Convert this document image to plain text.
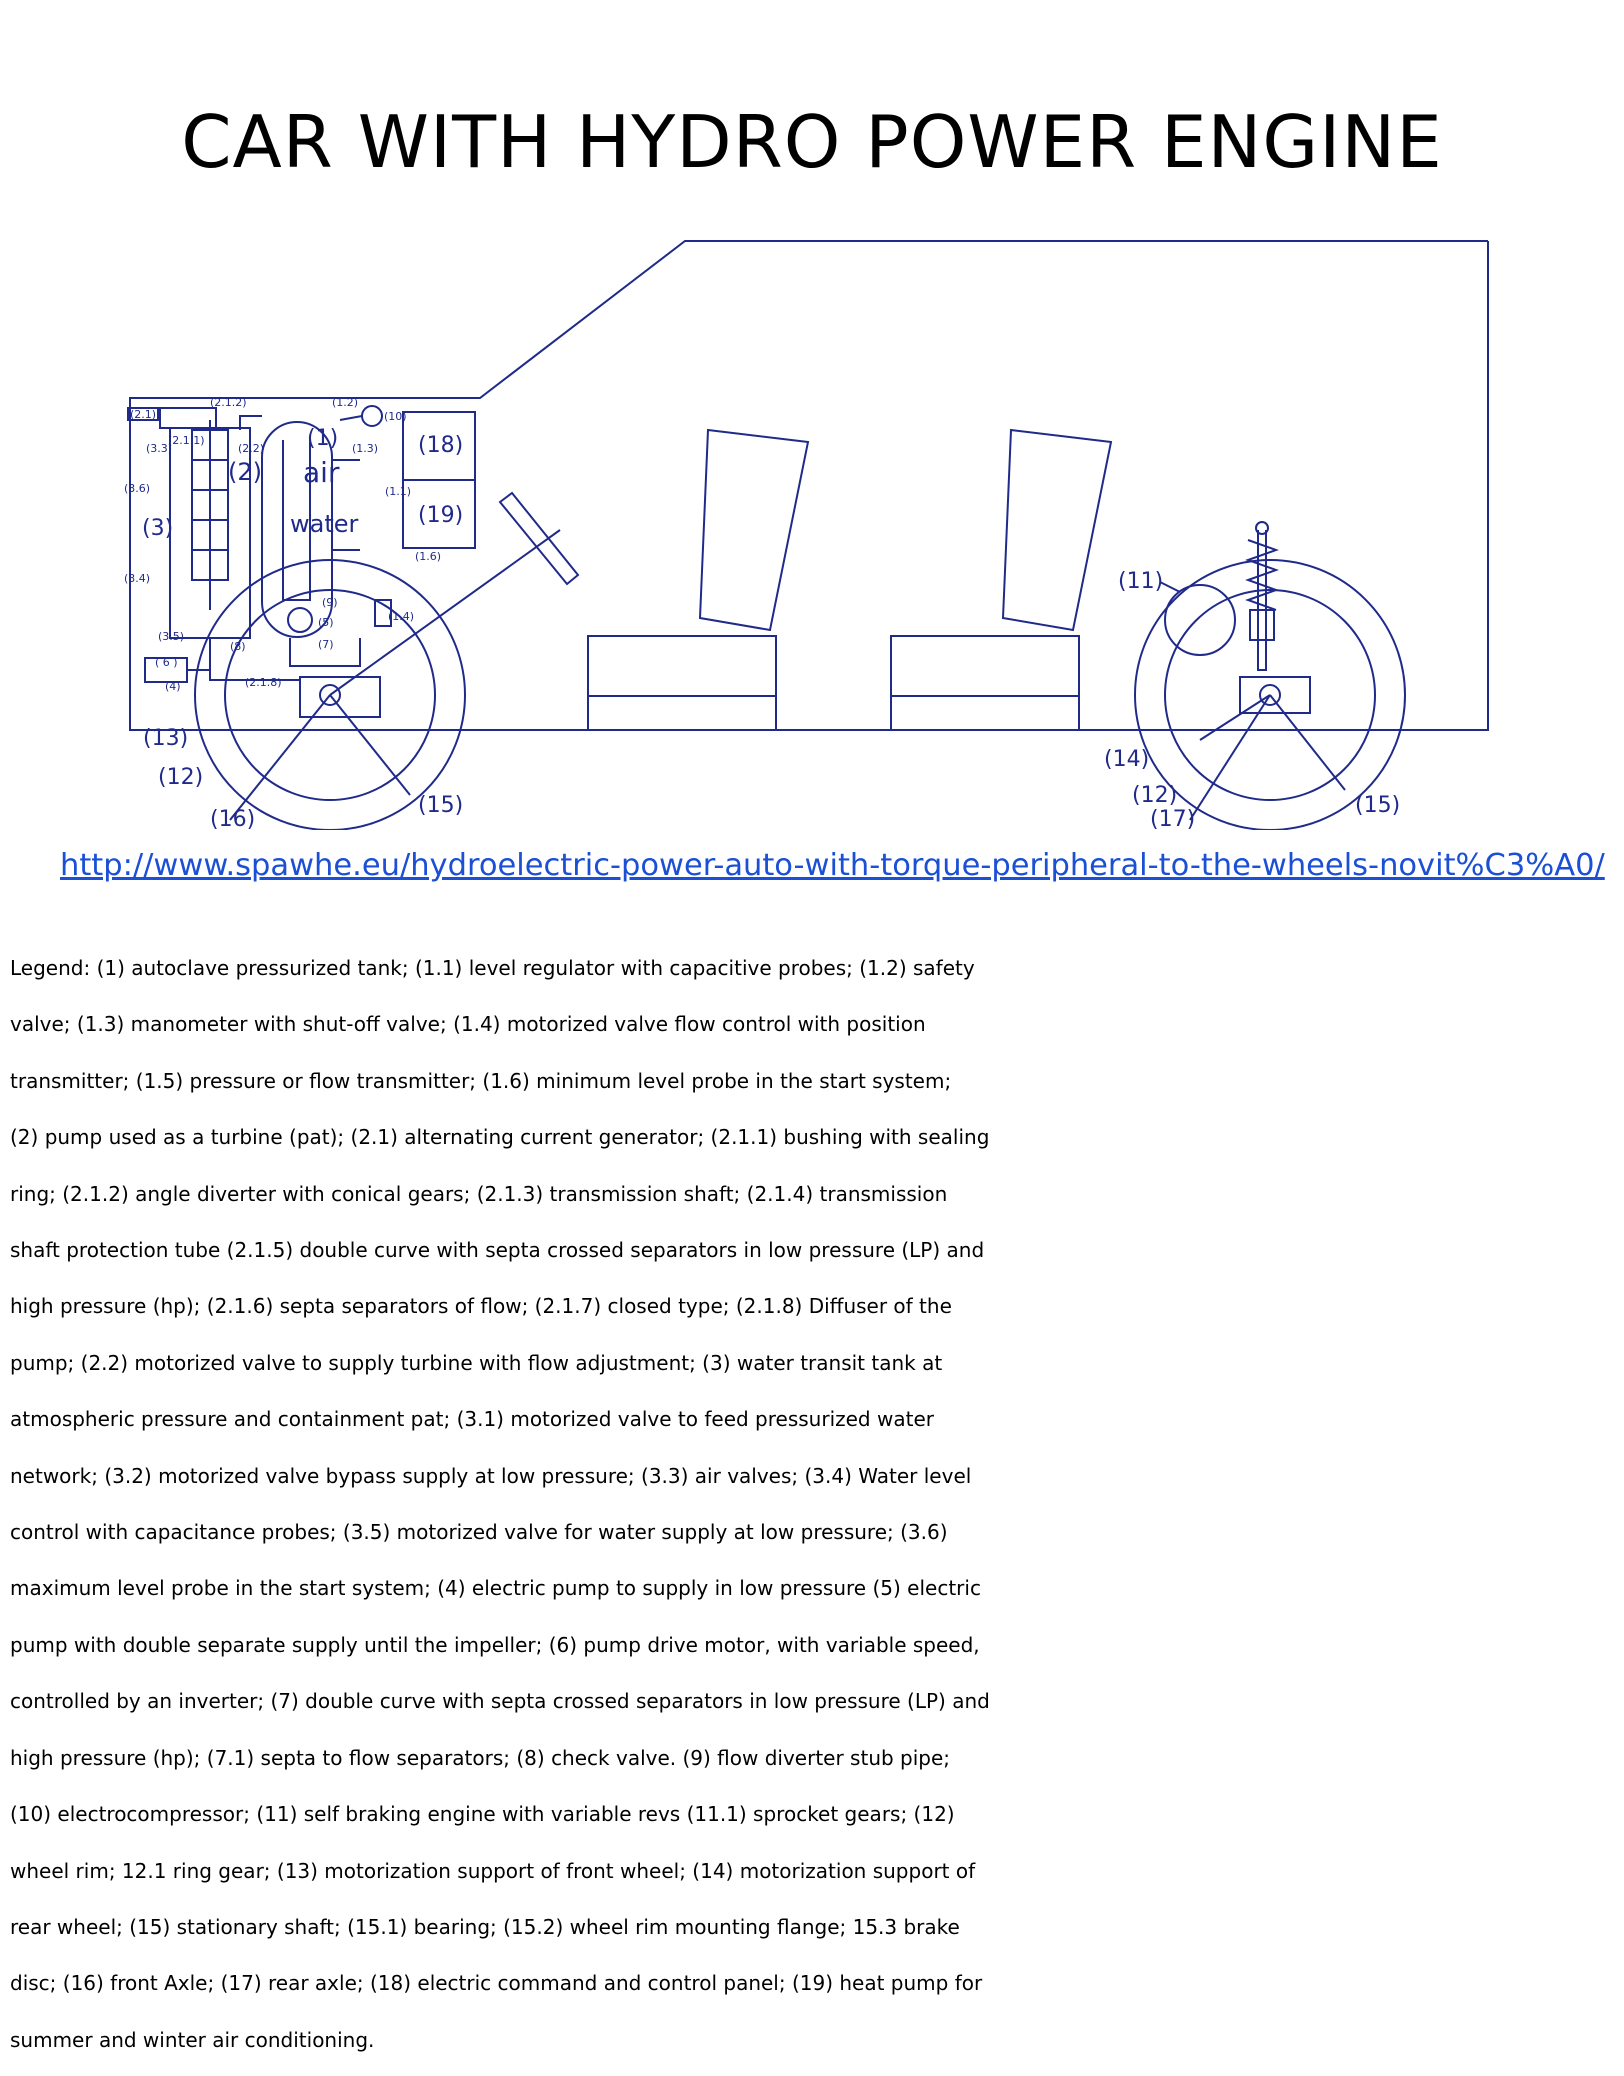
CAR WITH HYDRO POWER ENGINE
(1)
air
water
(2)
(3)
(18)
(19)
(11)
(13)
(12)
(16)
(15)
(14)
(12)
(17)
(15)
(4)
( 6 )
(3.5)
(2.1)
(3.3)
(2.1.2)
(2.1.1)
(2.2)
(1.2)
(10)
(1.3)
(3.6)
(3.4)
(9)
(5)	(1.4)
(7)
(8)
(1.6)
(2.1.8)
(1.1)
http://www.spawhe.eu/hydroelectric-power-auto-with-torque-peripheral-to-the-wheels-novit%C3%A0/
Legend: (1) autoclave pressurized tank; (1.1) level regulator with capacitive probes; (1.2) safety
valve; (1.3) manometer with shut-off valve; (1.4) motorized valve flow control with position
transmitter; (1.5) pressure or flow transmitter; (1.6) minimum level probe in the start system;
(2) pump used as a turbine (pat); (2.1) alternating current generator; (2.1.1) bushing with sealing
ring; (2.1.2) angle diverter with conical gears; (2.1.3) transmission shaft; (2.1.4) transmission
shaft protection tube (2.1.5) double curve with septa crossed separators in low pressure (LP) and
high pressure (hp); (2.1.6) septa separators of flow; (2.1.7) closed type; (2.1.8) Diffuser of the
pump; (2.2) motorized valve to supply turbine with flow adjustment; (3) water transit tank at
atmospheric pressure and containment pat; (3.1) motorized valve to feed pressurized water
network; (3.2) motorized valve bypass supply at low pressure; (3.3) air valves; (3.4) Water level
control with capacitance probes; (3.5) motorized valve for water supply at low pressure; (3.6)
maximum level probe in the start system; (4) electric pump to supply in low pressure (5) electric
pump with double separate supply until the impeller; (6) pump drive motor, with variable speed,
controlled by an inverter; (7) double curve with septa crossed separators in low pressure (LP) and
high pressure (hp); (7.1) septa to flow separators; (8) check valve. (9) flow diverter stub pipe;
(10) electrocompressor; (11) self braking engine with variable revs (11.1) sprocket gears; (12)
wheel rim; 12.1 ring gear; (13) motorization support of front wheel; (14) motorization support of
rear wheel; (15) stationary shaft; (15.1) bearing; (15.2) wheel rim mounting flange; 15.3 brake
disc; (16) front Axle; (17) rear axle; (18) electric command and control panel; (19) heat pump for
summer and winter air conditioning.
